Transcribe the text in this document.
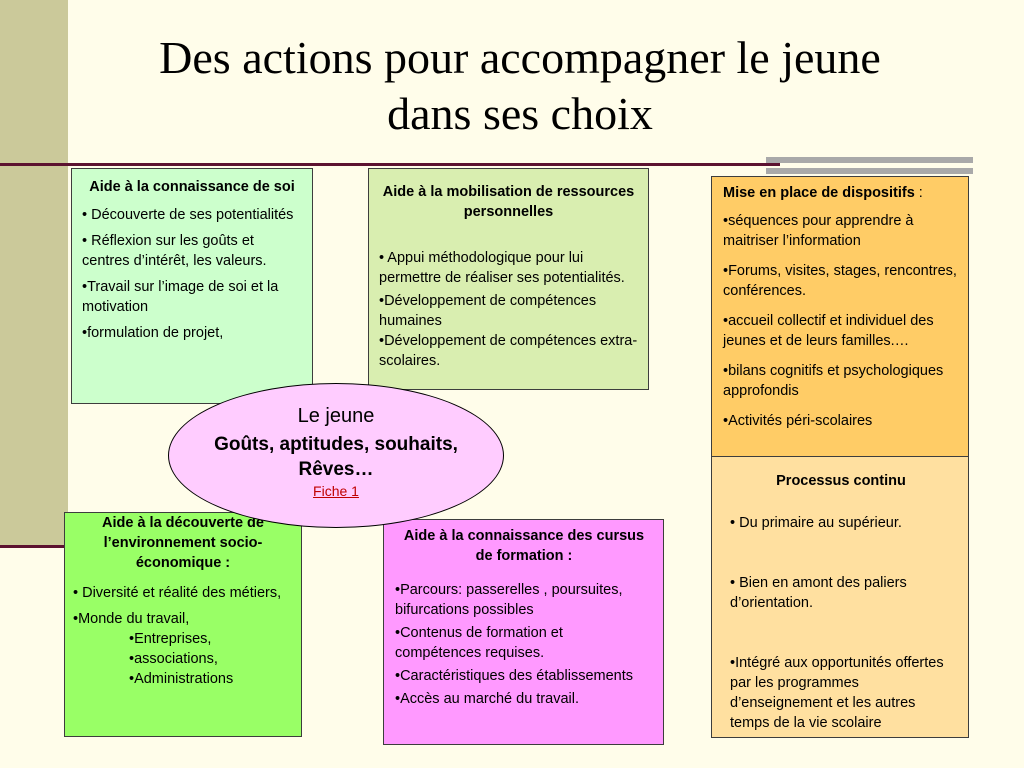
Des actions pour accompagner le jeune
dans ses choix
Aide à la connaissance de soi

• Découverte de ses potentialités

• Réflexion sur les goûts et centres d’intérêt, les valeurs.

•Travail sur l’image de soi et la motivation

•formulation de projet,

Aide à la mobilisation de ressources personnelles

• Appui méthodologique pour lui permettre de réaliser ses potentialités.

•Développement de compétences humaines

•Développement de compétences extra-scolaires.

Mise en place de dispositifs :

•séquences pour apprendre à maitriser l’information

•Forums, visites, stages, rencontres, conférences.

•accueil collectif et individuel des jeunes et de leurs familles.…

•bilans cognitifs et psychologiques approfondis

•Activités péri-scolaires

Processus continu

• Du primaire au supérieur.

• Bien en amont des paliers d’orientation.

•Intégré aux opportunités offertes par les programmes d’enseignement et les autres temps de la vie scolaire

Aide à la découverte de l’environnement socio-économique :

• Diversité et réalité des métiers,

•Monde du travail,

•Entreprises,

•associations,

•Administrations

Aide à la connaissance des cursus de formation :

•Parcours: passerelles , poursuites, bifurcations possibles

•Contenus de formation et compétences requises.

•Caractéristiques des établissements

•Accès au marché du travail.

Le jeune
Goûts, aptitudes, souhaits,
Rêves…
Fiche 1
